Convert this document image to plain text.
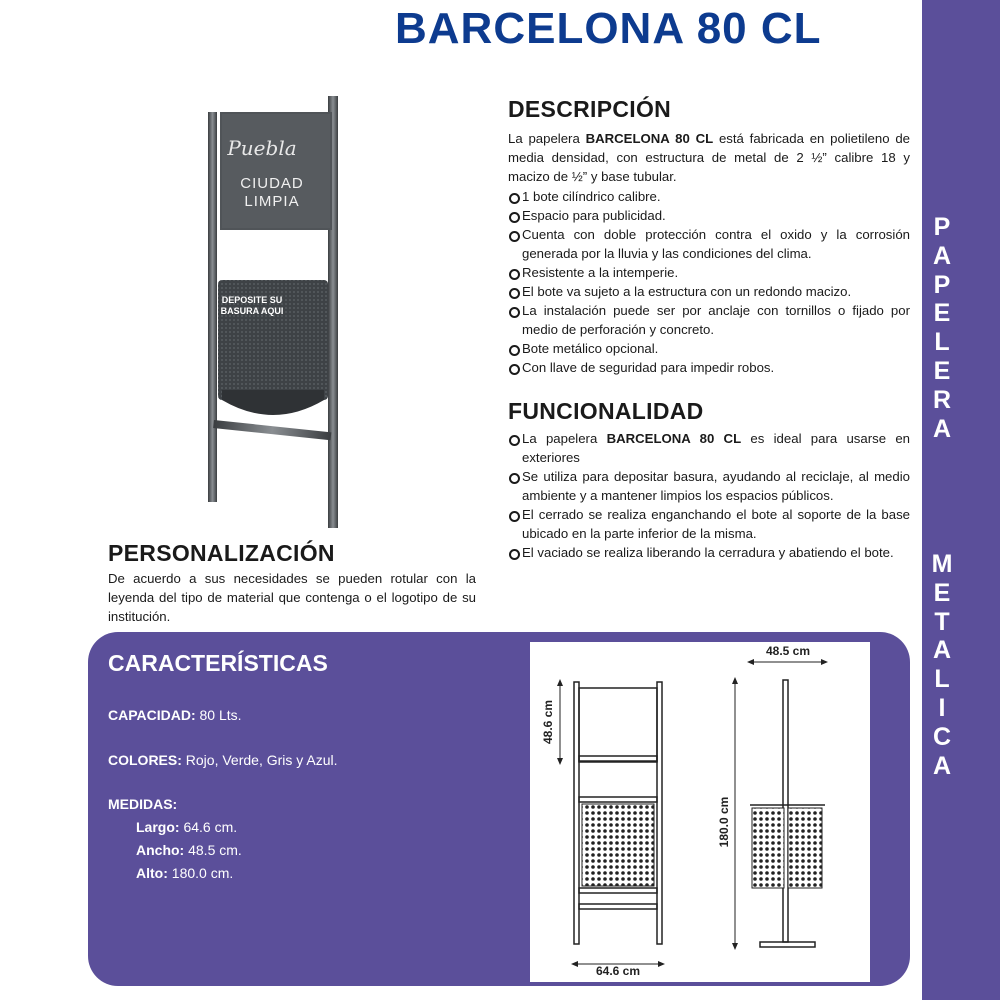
BARCELONA 80 CL
P
A
P
E
L
E
R
A
M
E
T
A
L
I
C
A
Puebla
CIUDAD
LIMPIA
DEPOSITE SU
BASURA AQUI
DESCRIPCIÓN
La papelera BARCELONA 80 CL está fabricada en polietileno de media densidad, con estructura de metal de 2 ½” calibre 18 y macizo de ½” y base tubular.
1 bote cilíndrico calibre.
Espacio para publicidad.
Cuenta con doble protección contra el oxido y la corrosión generada por la lluvia y las condiciones del clima.
Resistente a la intemperie.
El bote va sujeto a la estructura con un redondo macizo.
La instalación puede ser por anclaje con tornillos o fijado por medio de perforación y concreto.
Bote metálico opcional.
Con llave de seguridad para impedir robos.
FUNCIONALIDAD
La papelera BARCELONA 80 CL es ideal para usarse en exteriores
Se utiliza para depositar basura, ayudando al reciclaje, al medio ambiente y a mantener limpios los espacios públicos.
El cerrado se realiza enganchando el bote al soporte de la base ubicado en la parte inferior de la misma.
El vaciado se realiza liberando la cerradura y abatiendo el bote.
PERSONALIZACIÓN
De acuerdo a sus necesidades se pueden rotular con la leyenda del tipo de material que contenga o el logotipo de su institución.
CARACTERÍSTICAS
CAPACIDAD: 80 Lts.
COLORES: Rojo, Verde, Gris y Azul.
MEDIDAS:
Largo: 64.6 cm.
Ancho: 48.5 cm.
Alto: 180.0 cm.
48.6 cm
64.6 cm
48.5 cm
180.0 cm
